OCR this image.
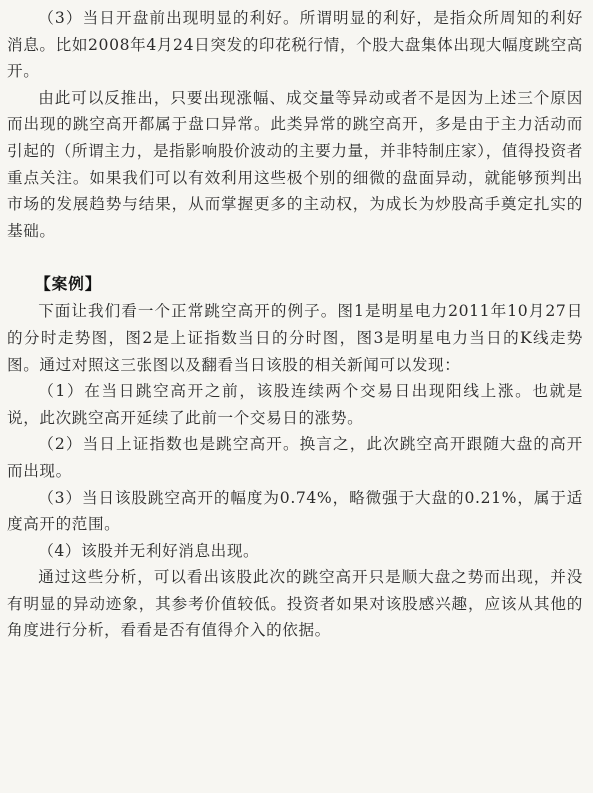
（3）当日开盘前出现明显的利好。所谓明显的利好，是指众所周知的利好消息。比如2008年4月24日突发的印花税行情，个股大盘集体出现大幅度跳空高开。

由此可以反推出，只要出现涨幅、成交量等异动或者不是因为上述三个原因而出现的跳空高开都属于盘口异常。此类异常的跳空高开，多是由于主力活动而引起的（所谓主力，是指影响股价波动的主要力量，并非特制庄家），值得投资者重点关注。如果我们可以有效利用这些极个别的细微的盘面异动，就能够预判出市场的发展趋势与结果，从而掌握更多的主动权，为成长为炒股高手奠定扎实的基础。

【案例】

下面让我们看一个正常跳空高开的例子。图1是明星电力2011年10月27日的分时走势图，图2是上证指数当日的分时图，图3是明星电力当日的K线走势图。通过对照这三张图以及翻看当日该股的相关新闻可以发现：

（1）在当日跳空高开之前，该股连续两个交易日出现阳线上涨。也就是说，此次跳空高开延续了此前一个交易日的涨势。

（2）当日上证指数也是跳空高开。换言之，此次跳空高开跟随大盘的高开而出现。

（3）当日该股跳空高开的幅度为0.74%，略微强于大盘的0.21%，属于适度高开的范围。

（4）该股并无利好消息出现。

通过这些分析，可以看出该股此次的跳空高开只是顺大盘之势而出现，并没有明显的异动迹象，其参考价值较低。投资者如果对该股感兴趣，应该从其他的角度进行分析，看看是否有值得介入的依据。
